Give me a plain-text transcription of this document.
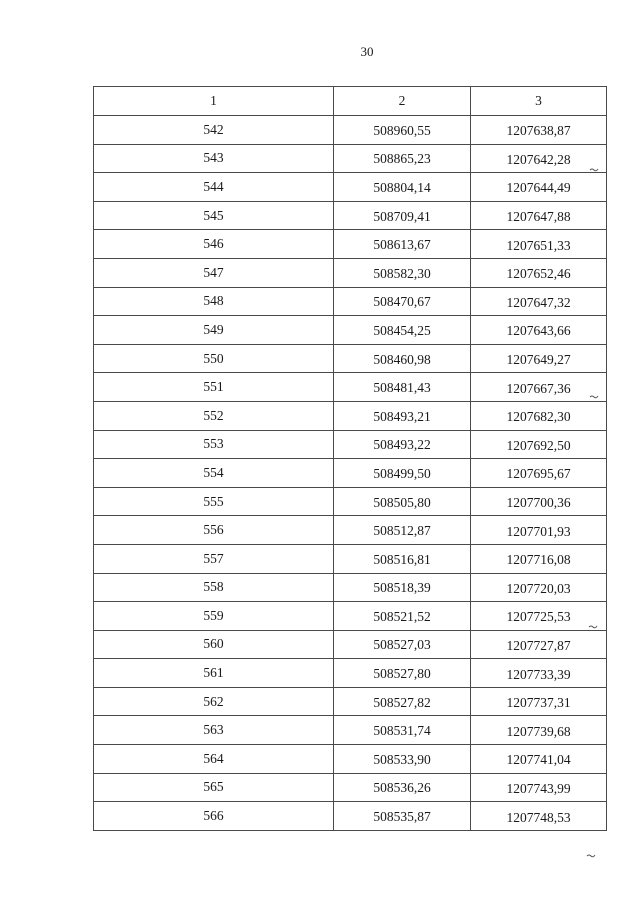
30
1	2	3
542	508960,55	1207638,87
543	508865,23	1207642,28
544	508804,14	1207644,49
545	508709,41	1207647,88
546	508613,67	1207651,33
547	508582,30	1207652,46
548	508470,67	1207647,32
549	508454,25	1207643,66
550	508460,98	1207649,27
551	508481,43	1207667,36
552	508493,21	1207682,30
553	508493,22	1207692,50
554	508499,50	1207695,67
555	508505,80	1207700,36
556	508512,87	1207701,93
557	508516,81	1207716,08
558	508518,39	1207720,03
559	508521,52	1207725,53
560	508527,03	1207727,87
561	508527,80	1207733,39
562	508527,82	1207737,31
563	508531,74	1207739,68
564	508533,90	1207741,04
565	508536,26	1207743,99
566	508535,87	1207748,53
